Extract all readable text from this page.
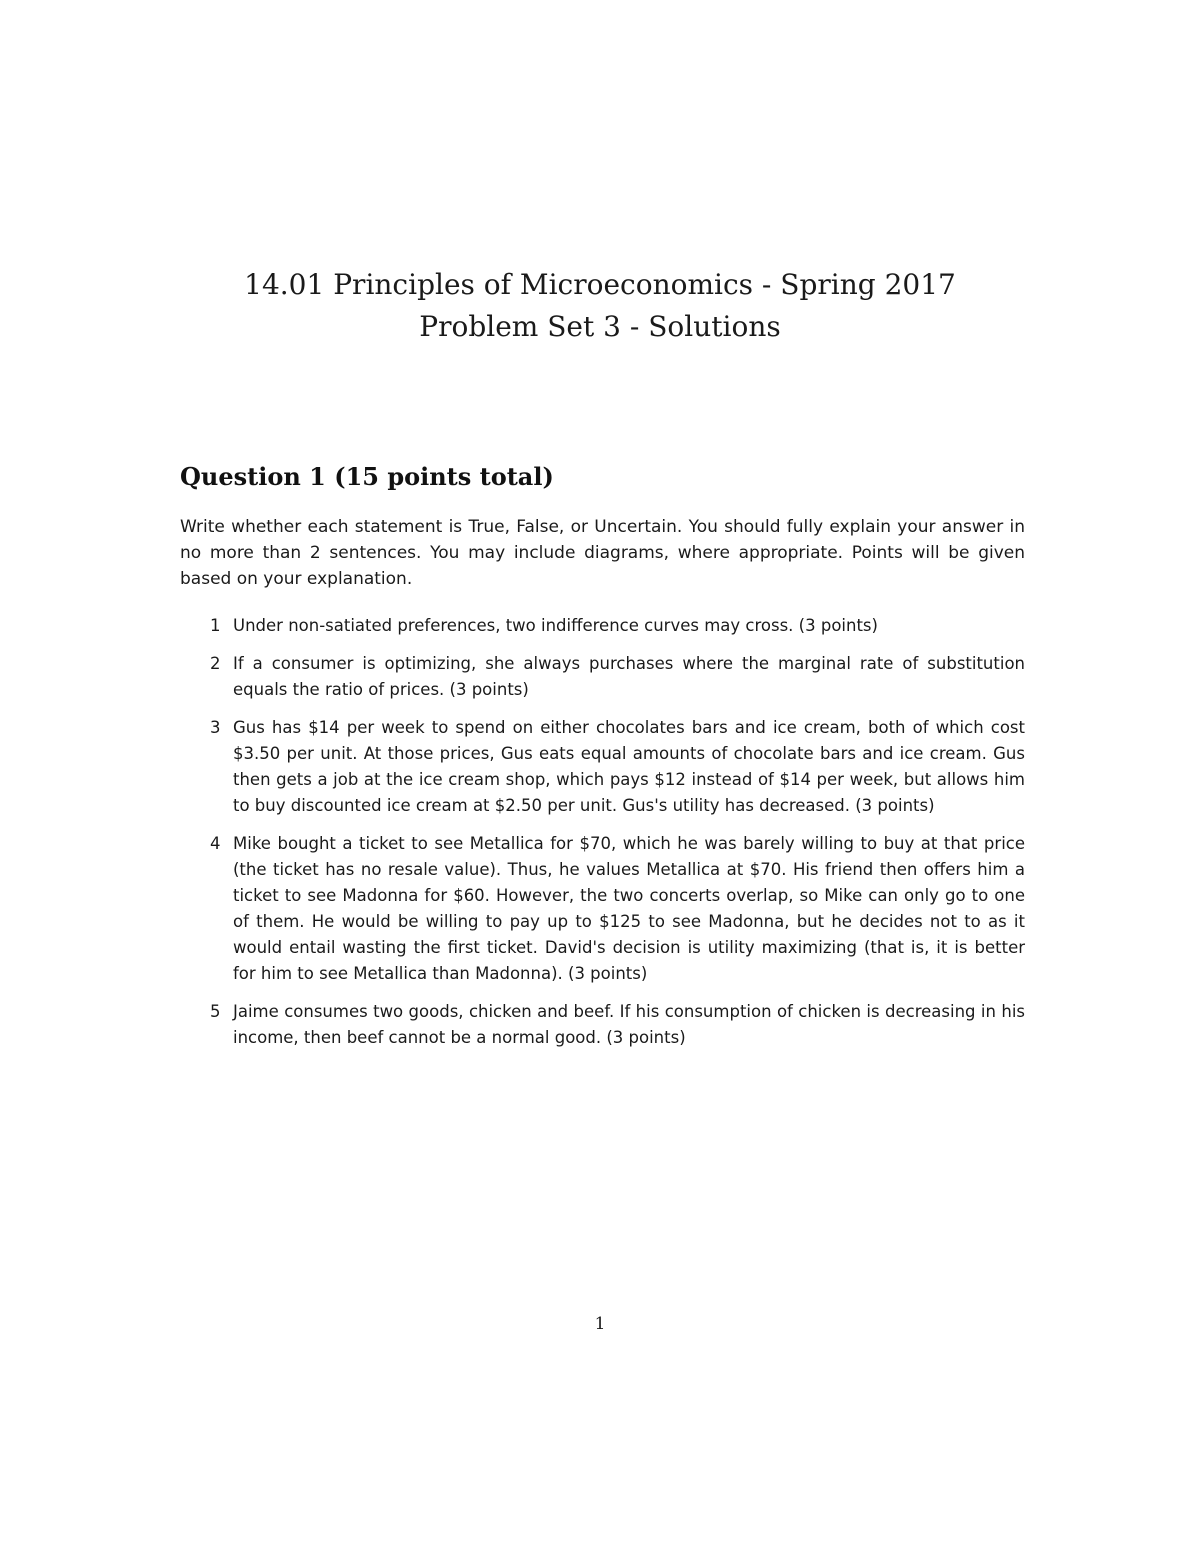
14.01 Principles of Microeconomics - Spring 2017
Problem Set 3 - Solutions
Question 1 (15 points total)

Write whether each statement is True, False, or Uncertain. You should fully explain your answer in no more than 2 sentences. You may include diagrams, where appropriate. Points will be given based on your explanation.

1 Under non-satiated preferences, two indifference curves may cross. (3 points)
2 If a consumer is optimizing, she always purchases where the marginal rate of substitution equals the ratio of prices. (3 points)
3 Gus has $14 per week to spend on either chocolates bars and ice cream, both of which cost $3.50 per unit. At those prices, Gus eats equal amounts of chocolate bars and ice cream. Gus then gets a job at the ice cream shop, which pays $12 instead of $14 per week, but allows him to buy discounted ice cream at $2.50 per unit. Gus's utility has decreased. (3 points)
4 Mike bought a ticket to see Metallica for $70, which he was barely willing to buy at that price (the ticket has no resale value). Thus, he values Metallica at $70. His friend then offers him a ticket to see Madonna for $60. However, the two concerts overlap, so Mike can only go to one of them. He would be willing to pay up to $125 to see Madonna, but he decides not to as it would entail wasting the first ticket. David's decision is utility maximizing (that is, it is better for him to see Metallica than Madonna). (3 points)
5 Jaime consumes two goods, chicken and beef. If his consumption of chicken is decreasing in his income, then beef cannot be a normal good. (3 points)
1
